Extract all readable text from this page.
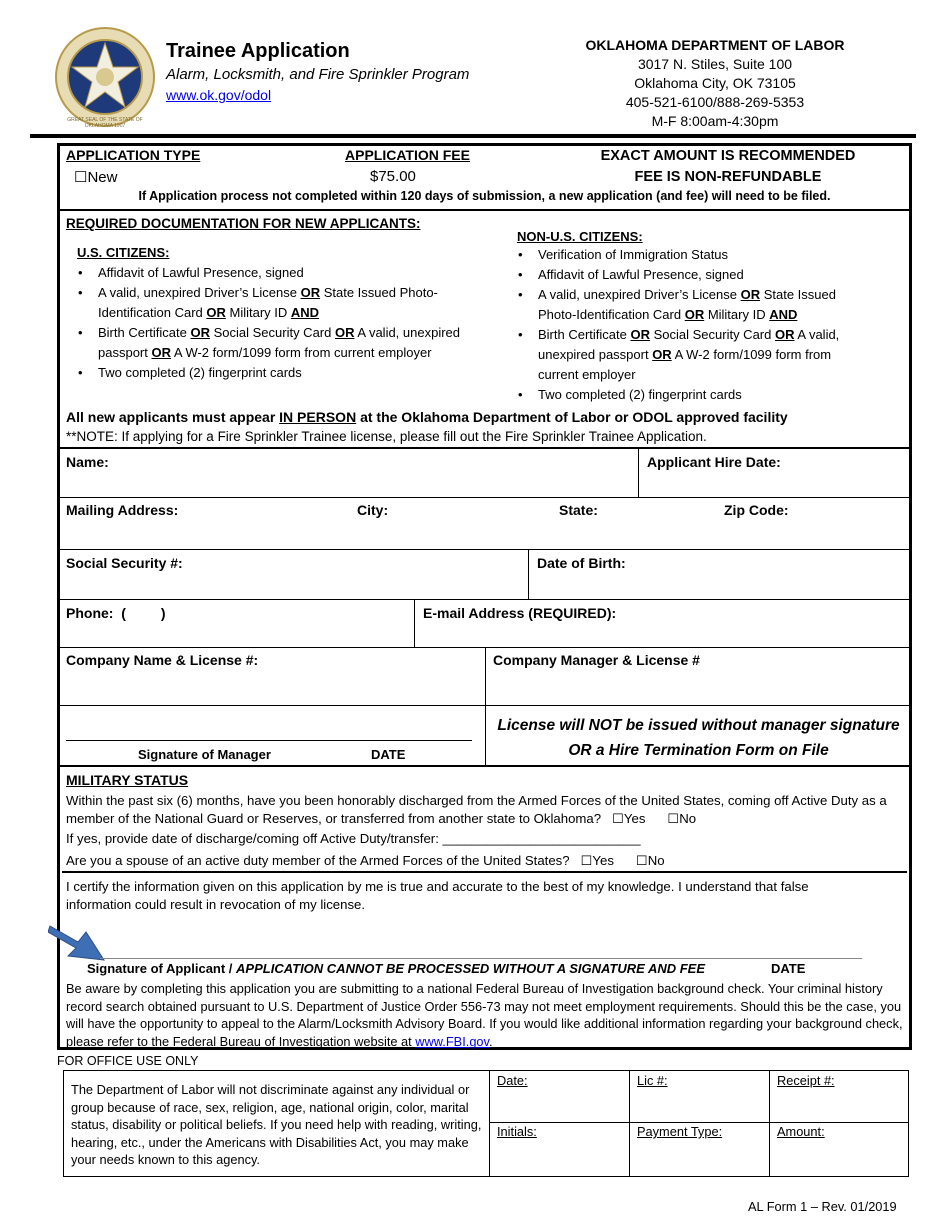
GREAT SEAL OF THE STATE OF OKLAHOMA 1907
Trainee Application
Alarm, Locksmith, and Fire Sprinkler Program
www.ok.gov/odol
OKLAHOMA DEPARTMENT OF LABOR
3017 N. Stiles, Suite 100
Oklahoma City, OK 73105
405-521-6100/888-269-5353
M-F 8:00am-4:30pm
APPLICATION TYPE
☐New
APPLICATION FEE
$75.00
EXACT AMOUNT IS RECOMMENDED
FEE IS NON-REFUNDABLE
If Application process not completed within 120 days of submission, a new application (and fee) will need to be filed.
REQUIRED DOCUMENTATION FOR NEW APPLICANTS:
U.S. CITIZENS:
• Affidavit of Lawful Presence, signed
• A valid, unexpired Driver’s License OR State Issued Photo-Identification Card OR Military ID AND
• Birth Certificate OR Social Security Card OR A valid, unexpired passport OR A W-2 form/1099 form from current employer
• Two completed (2) fingerprint cards
NON-U.S. CITIZENS:
• Verification of Immigration Status
• Affidavit of Lawful Presence, signed
• A valid, unexpired Driver’s License OR State Issued Photo-Identification Card OR Military ID AND
• Birth Certificate OR Social Security Card OR A valid, unexpired passport OR A W-2 form/1099 form from current employer
• Two completed (2) fingerprint cards
All new applicants must appear IN PERSON at the Oklahoma Department of Labor or ODOL approved facility
**NOTE: If applying for a Fire Sprinkler Trainee license, please fill out the Fire Sprinkler Trainee Application.
Name:	Applicant Hire Date:
Mailing Address:	City:	State:	Zip Code:
Social Security #:	Date of Birth:
Phone:  (         )	E-mail Address (REQUIRED):
Company Name & License #:	Company Manager & License #
Signature of Manager	DATE
License will NOT be issued without manager signature
OR a Hire Termination Form on File
MILITARY STATUS
Within the past six (6) months, have you been honorably discharged from the Armed Forces of the United States, coming off Active Duty as a member of the National Guard or Reserves, or transferred from another state to Oklahoma? ☐Yes ☐No
If yes, provide date of discharge/coming off Active Duty/transfer: ___________________________
Are you a spouse of an active duty member of the Armed Forces of the United States? ☐Yes ☐No
I certify the information given on this application by me is true and accurate to the best of my knowledge. I understand that false information could result in revocation of my license.
Signature of Applicant / APPLICATION CANNOT BE PROCESSED WITHOUT A SIGNATURE AND FEE	DATE
Be aware by completing this application you are submitting to a national Federal Bureau of Investigation background check. Your criminal history record search obtained pursuant to U.S. Department of Justice Order 556-73 may not meet employment requirements. Should this be the case, you will have the opportunity to appeal to the Alarm/Locksmith Advisory Board. If you would like additional information regarding your background check, please refer to the Federal Bureau of Investigation website at www.FBI.gov.
FOR OFFICE USE ONLY
The Department of Labor will not discriminate against any individual or group because of race, sex, religion, age, national origin, color, marital status, disability or political beliefs. If you need help with reading, writing, hearing, etc., under the Americans with Disabilities Act, you may make your needs known to this agency.
Date:	Lic #:	Receipt #:
Initials:	Payment Type:	Amount:
AL Form 1 – Rev. 01/2019
